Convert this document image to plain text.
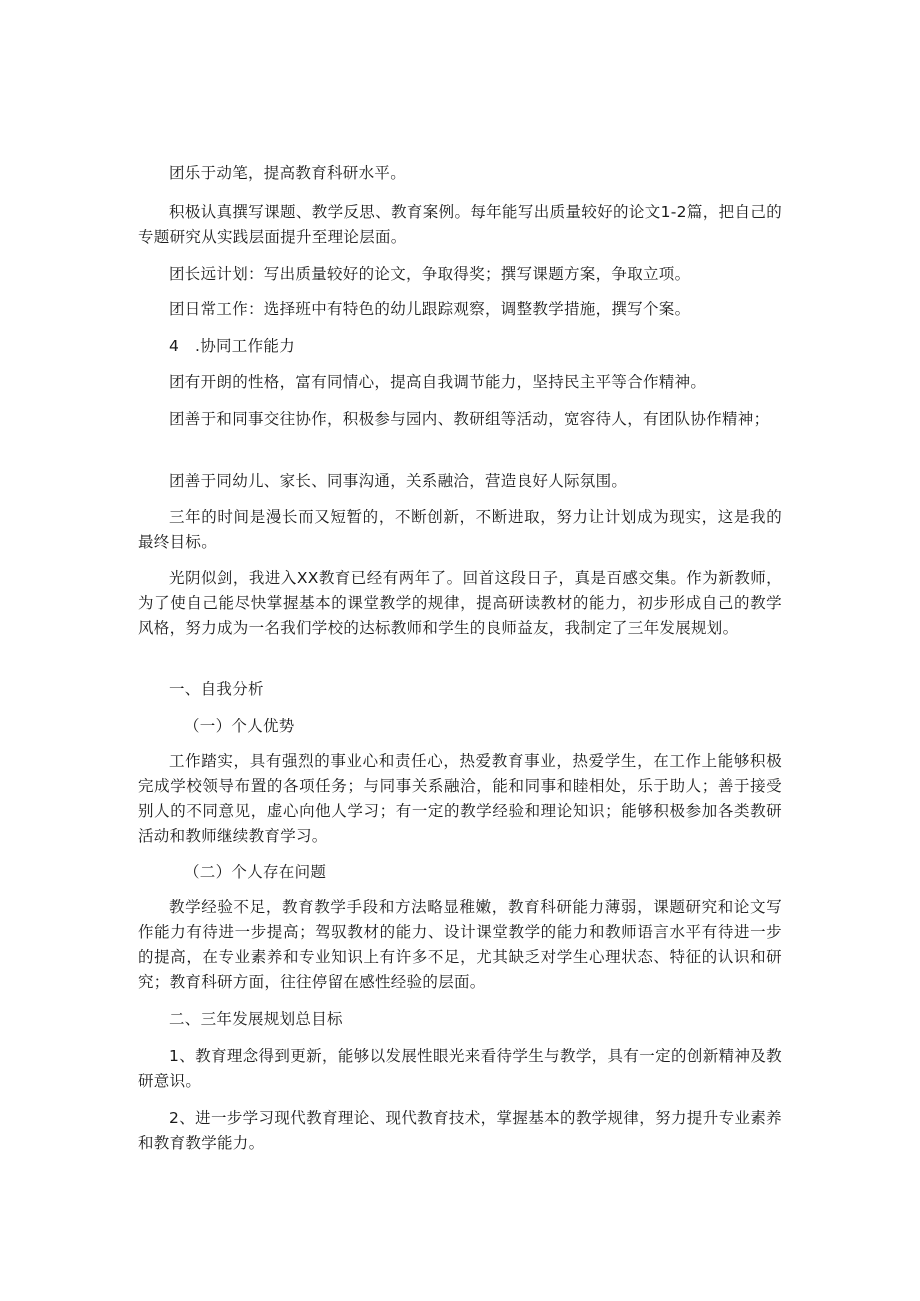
团乐于动笔，提高教育科研水平。

积极认真撰写课题、教学反思、教育案例。每年能写出质量较好的论文1-2篇，把自己的专题研究从实践层面提升至理论层面。

团长远计划：写出质量较好的论文，争取得奖；撰写课题方案，争取立项。

团日常工作：选择班中有特色的幼儿跟踪观察，调整教学措施，撰写个案。

4　.协同工作能力

团有开朗的性格，富有同情心，提高自我调节能力，坚持民主平等合作精神。

团善于和同事交往协作，积极参与园内、教研组等活动，宽容待人，有团队协作精神；

团善于同幼儿、家长、同事沟通，关系融洽，营造良好人际氛围。

三年的时间是漫长而又短暂的，不断创新，不断进取，努力让计划成为现实，这是我的最终目标。

光阴似剑，我进入XX教育已经有两年了。回首这段日子，真是百感交集。作为新教师，为了使自己能尽快掌握基本的课堂教学的规律，提高研读教材的能力，初步形成自己的教学风格，努力成为一名我们学校的达标教师和学生的良师益友，我制定了三年发展规划。

一、自我分析

（一）个人优势

工作踏实，具有强烈的事业心和责任心，热爱教育事业，热爱学生，在工作上能够积极完成学校领导布置的各项任务；与同事关系融洽，能和同事和睦相处，乐于助人；善于接受别人的不同意见，虚心向他人学习；有一定的教学经验和理论知识；能够积极参加各类教研活动和教师继续教育学习。

（二）个人存在问题

教学经验不足，教育教学手段和方法略显稚嫩，教育科研能力薄弱，课题研究和论文写作能力有待进一步提高；驾驭教材的能力、设计课堂教学的能力和教师语言水平有待进一步的提高，在专业素养和专业知识上有许多不足，尤其缺乏对学生心理状态、特征的认识和研究；教育科研方面，往往停留在感性经验的层面。

二、三年发展规划总目标

1、教育理念得到更新，能够以发展性眼光来看待学生与教学，具有一定的创新精神及教研意识。

2、进一步学习现代教育理论、现代教育技术，掌握基本的教学规律，努力提升专业素养和教育教学能力。
